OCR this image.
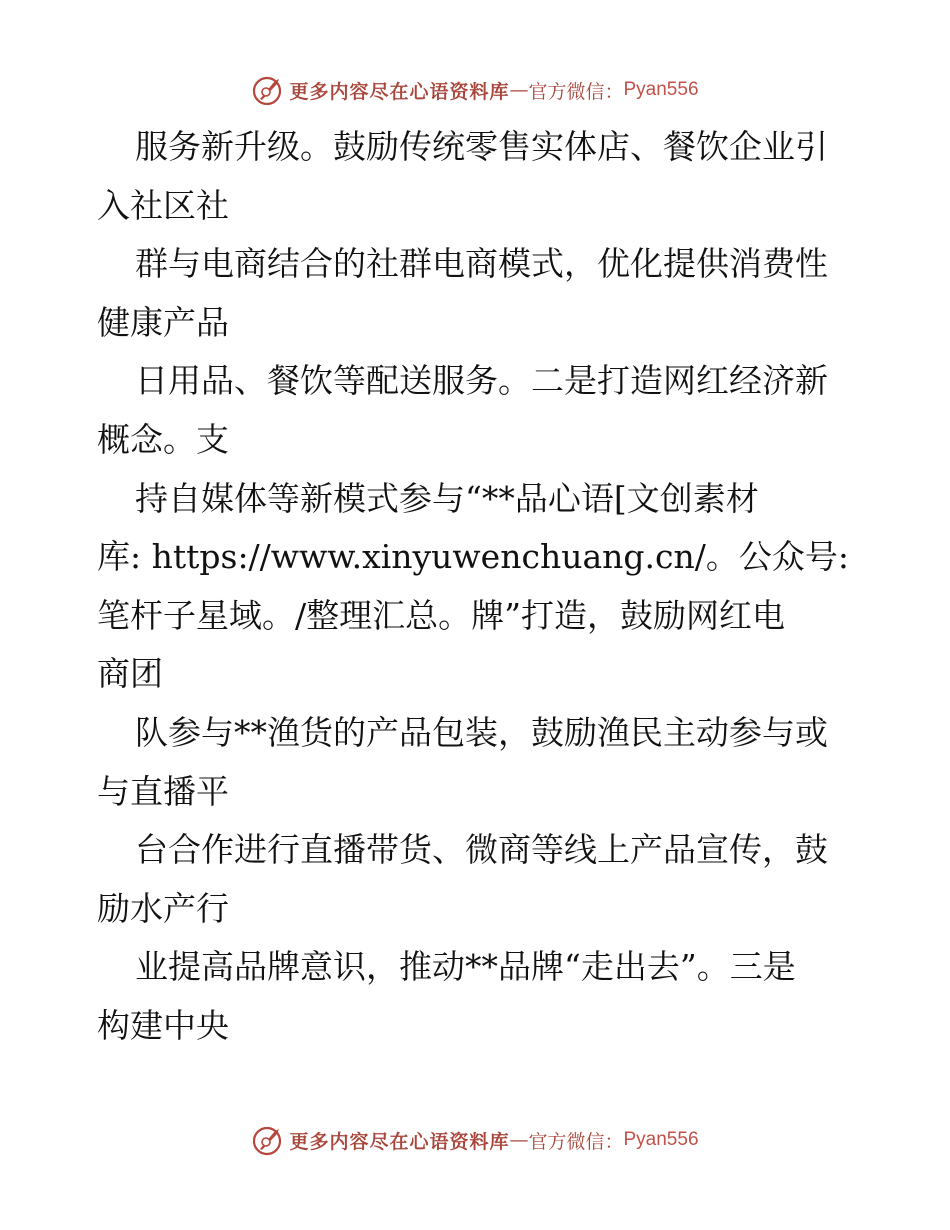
更多内容尽在心语资料库 — 官方微信： Pyan556
服务新升级。鼓励传统零售实体店、餐饮企业引
入社区社
群与电商结合的社群电商模式，优化提供消费性
健康产品
日用品、餐饮等配送服务。二是打造网红经济新
概念。支
持自媒体等新模式参与“**品心语[文创素材
库: https://www.xinyuwenchuang.cn/。公众号:
笔杆子星域。/整理汇总。牌”打造，鼓励网红电
商团
队参与**渔货的产品包装，鼓励渔民主动参与或
与直播平
台合作进行直播带货、微商等线上产品宣传，鼓
励水产行
业提高品牌意识，推动**品牌“走出去”。三是
构建中央
更多内容尽在心语资料库 — 官方微信： Pyan556
